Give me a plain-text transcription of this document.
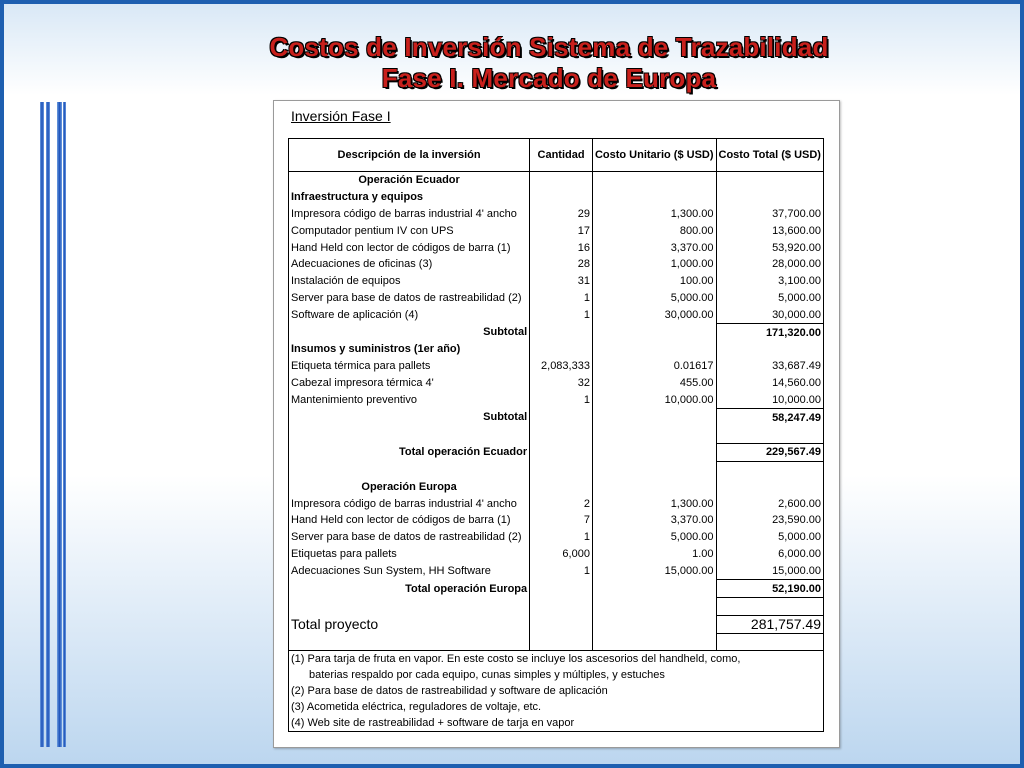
Costos de Inversión Sistema de Trazabilidad
Fase I. Mercado de Europa
Inversión Fase I
Descripción de la inversión	Cantidad	Costo Unitario ($ USD)	Costo Total ($ USD)
Operación Ecuador			
Infraestructura y equipos			
Impresora código de barras industrial 4' ancho	29	1,300.00	37,700.00
Computador pentium IV con UPS	17	800.00	13,600.00
Hand Held con lector de códigos de barra (1)	16	3,370.00	53,920.00
Adecuaciones de oficinas (3)	28	1,000.00	28,000.00
Instalación de equipos	31	100.00	3,100.00
Server para base de datos de rastreabilidad (2)	1	5,000.00	5,000.00
Software de aplicación (4)	1	30,000.00	30,000.00
Subtotal			171,320.00
Insumos y suministros (1er año)			
Etiqueta térmica para pallets	2,083,333	0.01617	33,687.49
Cabezal impresora térmica 4'	32	455.00	14,560.00
Mantenimiento preventivo	1	10,000.00	10,000.00
Subtotal			58,247.49

Total operación Ecuador			229,567.49

Operación Europa			
Impresora código de barras industrial 4' ancho	2	1,300.00	2,600.00
Hand Held con lector de códigos de barra (1)	7	3,370.00	23,590.00
Server para base de datos de rastreabilidad (2)	1	5,000.00	5,000.00
Etiquetas para pallets	6,000	1.00	6,000.00
Adecuaciones Sun System, HH Software	1	15,000.00	15,000.00
Total operación Europa			52,190.00

Total proyecto			281,757.49

(1) Para tarja de fruta en vapor. En este costo se incluye los ascesorios del handheld, como,

baterias respaldo por cada equipo, cunas simples y múltiples, y estuches

(2) Para base de datos de rastreabilidad y software de aplicación

(3) Acometida eléctrica, reguladores de voltaje, etc.

(4) Web site de rastreabilidad + software de tarja en vapor			
